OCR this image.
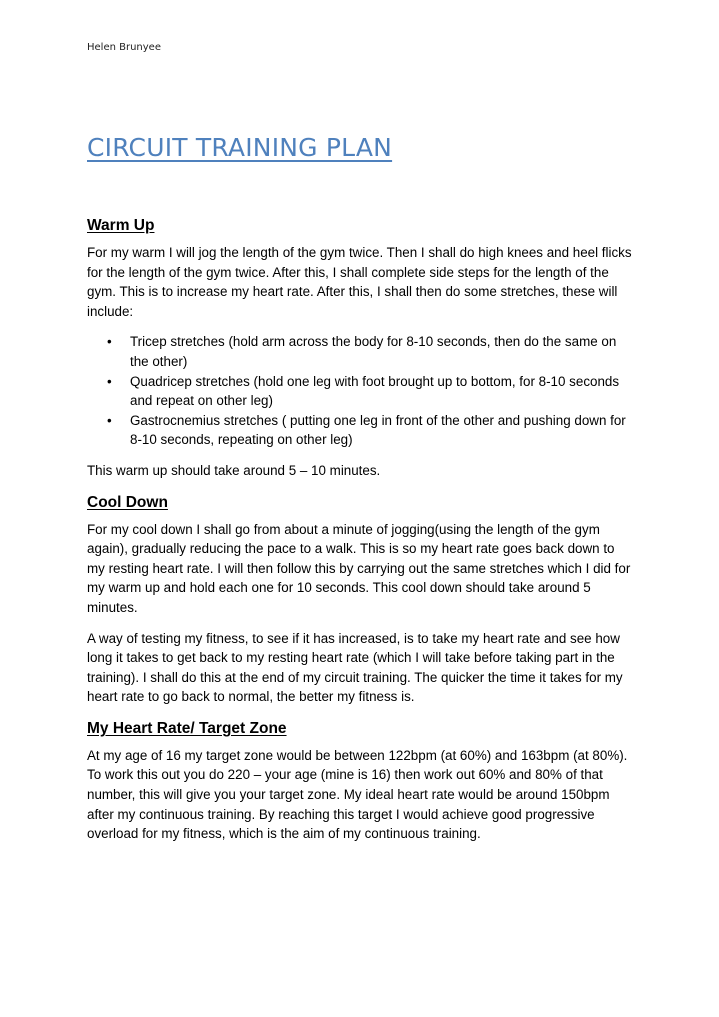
Helen Brunyee
CIRCUIT TRAINING PLAN
Warm Up

For my warm I will jog the length of the gym twice. Then I shall do high knees and heel flicks for the length of the gym twice. After this, I shall complete side steps for the length of the gym. This is to increase my heart rate. After this, I shall then do some stretches, these will include:

• Tricep stretches (hold arm across the body for 8-10 seconds, then do the same on the other)
• Quadricep stretches (hold one leg with foot brought up to bottom, for 8-10 seconds and repeat on other leg)
• Gastrocnemius stretches ( putting one leg in front of the other and pushing down for 8-10 seconds, repeating on other leg)

This warm up should take around 5 – 10 minutes.

Cool Down

For my cool down I shall go from about a minute of jogging(using the length of the gym again), gradually reducing the pace to a walk. This is so my heart rate goes back down to my resting heart rate. I will then follow this by carrying out the same stretches which I did for my warm up and hold each one for 10 seconds. This cool down should take around 5 minutes.

A way of testing my fitness, to see if it has increased, is to take my heart rate and see how long it takes to get back to my resting heart rate (which I will take before taking part in the training). I shall do this at the end of my circuit training. The quicker the time it takes for my heart rate to go back to normal, the better my fitness is.

My Heart Rate/ Target Zone

At my age of 16 my target zone would be between 122bpm (at 60%) and 163bpm (at 80%). To work this out you do 220 – your age (mine is 16) then work out 60% and 80% of that number, this will give you your target zone. My ideal heart rate would be around 150bpm after my continuous training. By reaching this target I would achieve good progressive overload for my fitness, which is the aim of my continuous training.
